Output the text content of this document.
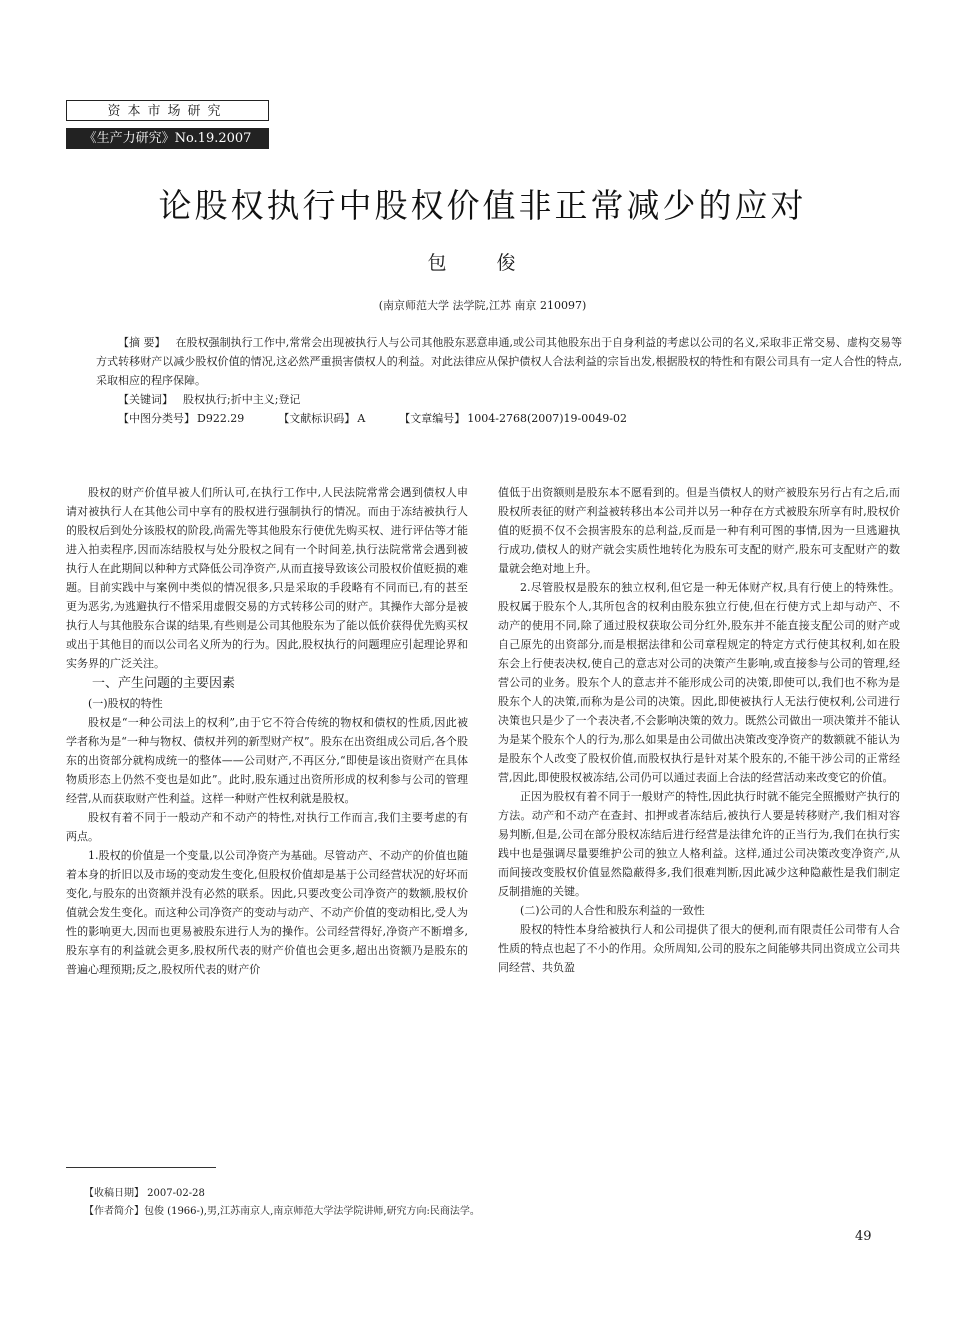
资本市场研究
《生产力研究》No.19.2007
论股权执行中股权价值非正常减少的应对
包 俊
(南京师范大学 法学院,江苏 南京 210097)
【摘 要】 在股权强制执行工作中,常常会出现被执行人与公司其他股东恶意串通,或公司其他股东出于自身利益的考虑以公司的名义,采取非正常交易、虚构交易等方式转移财产以减少股权价值的情况,这必然严重损害债权人的利益。对此法律应从保护债权人合法利益的宗旨出发,根据股权的特性和有限公司具有一定人合性的特点,采取相应的程序保障。
【关键词】 股权执行;折中主义;登记
【中图分类号】 D922.29	【文献标识码】 A	【文章编号】 1004-2768(2007)19-0049-02

股权的财产价值早被人们所认可,在执行工作中,人民法院常常会遇到债权人申请对被执行人在其他公司中享有的股权进行强制执行的情况。而由于冻结被执行人的股权后到处分该股权的阶段,尚需先等其他股东行使优先购买权、进行评估等才能进入拍卖程序,因而冻结股权与处分股权之间有一个时间差,执行法院常常会遇到被执行人在此期间以种种方式降低公司净资产,从而直接导致该公司股权价值贬损的难题。目前实践中与案例中类似的情况很多,只是采取的手段略有不同而已,有的甚至更为恶劣,为逃避执行不惜采用虚假交易的方式转移公司的财产。其操作大部分是被执行人与其他股东合谋的结果,有些则是公司其他股东为了能以低价获得优先购买权或出于其他目的而以公司名义所为的行为。因此,股权执行的问题理应引起理论界和实务界的广泛关注。

一、产生问题的主要因素
(一)股权的特性

股权是“一种公司法上的权利”,由于它不符合传统的物权和债权的性质,因此被学者称为是“一种与物权、债权并列的新型财产权”。股东在出资组成公司后,各个股东的出资部分就构成统一的整体——公司财产,不再区分,“即使是该出资财产在具体物质形态上仍然不变也是如此”。此时,股东通过出资所形成的权利参与公司的管理经营,从而获取财产性利益。这样一种财产性权利就是股权。

股权有着不同于一般动产和不动产的特性,对执行工作而言,我们主要考虑的有两点。

1.股权的价值是一个变量,以公司净资产为基础。尽管动产、不动产的价值也随着本身的折旧以及市场的变动发生变化,但股权价值却是基于公司经营状况的好坏而变化,与股东的出资额并没有必然的联系。因此,只要改变公司净资产的数额,股权价值就会发生变化。而这种公司净资产的变动与动产、不动产价值的变动相比,受人为性的影响更大,因而也更易被股东进行人为的操作。公司经营得好,净资产不断增多,股东享有的利益就会更多,股权所代表的财产价值也会更多,超出出资额乃是股东的普遍心理预期;反之,股权所代表的财产价

值低于出资额则是股东本不愿看到的。但是当债权人的财产被股东另行占有之后,而股权所表征的财产利益被转移出本公司并以另一种存在方式被股东所享有时,股权价值的贬损不仅不会损害股东的总利益,反而是一种有利可图的事情,因为一旦逃避执行成功,债权人的财产就会实质性地转化为股东可支配的财产,股东可支配财产的数量就会绝对地上升。

2.尽管股权是股东的独立权利,但它是一种无体财产权,具有行使上的特殊性。股权属于股东个人,其所包含的权利由股东独立行使,但在行使方式上却与动产、不动产的使用不同,除了通过股权获取公司分红外,股东并不能直接支配公司的财产或自己原先的出资部分,而是根据法律和公司章程规定的特定方式行使其权利,如在股东会上行使表决权,使自己的意志对公司的决策产生影响,或直接参与公司的管理,经营公司的业务。股东个人的意志并不能形成公司的决策,即使可以,我们也不称为是股东个人的决策,而称为是公司的决策。因此,即使被执行人无法行使权利,公司进行决策也只是少了一个表决者,不会影响决策的效力。既然公司做出一项决策并不能认为是某个股东个人的行为,那么如果是由公司做出决策改变净资产的数额就不能认为是股东个人改变了股权价值,而股权执行是针对某个股东的,不能干涉公司的正常经营,因此,即使股权被冻结,公司仍可以通过表面上合法的经营活动来改变它的价值。

正因为股权有着不同于一般财产的特性,因此执行时就不能完全照搬财产执行的方法。动产和不动产在查封、扣押或者冻结后,被执行人要是转移财产,我们相对容易判断,但是,公司在部分股权冻结后进行经营是法律允许的正当行为,我们在执行实践中也是强调尽量要维护公司的独立人格利益。这样,通过公司决策改变净资产,从而间接改变股权价值显然隐蔽得多,我们很难判断,因此减少这种隐蔽性是我们制定反制措施的关键。

(二)公司的人合性和股东利益的一致性

股权的特性本身给被执行人和公司提供了很大的便利,而有限责任公司带有人合性质的特点也起了不小的作用。众所周知,公司的股东之间能够共同出资成立公司共同经营、共负盈

【收稿日期】 2007-02-28
【作者简介】包俊 (1966-),男,江苏南京人,南京师范大学法学院讲师,研究方向:民商法学。
49
